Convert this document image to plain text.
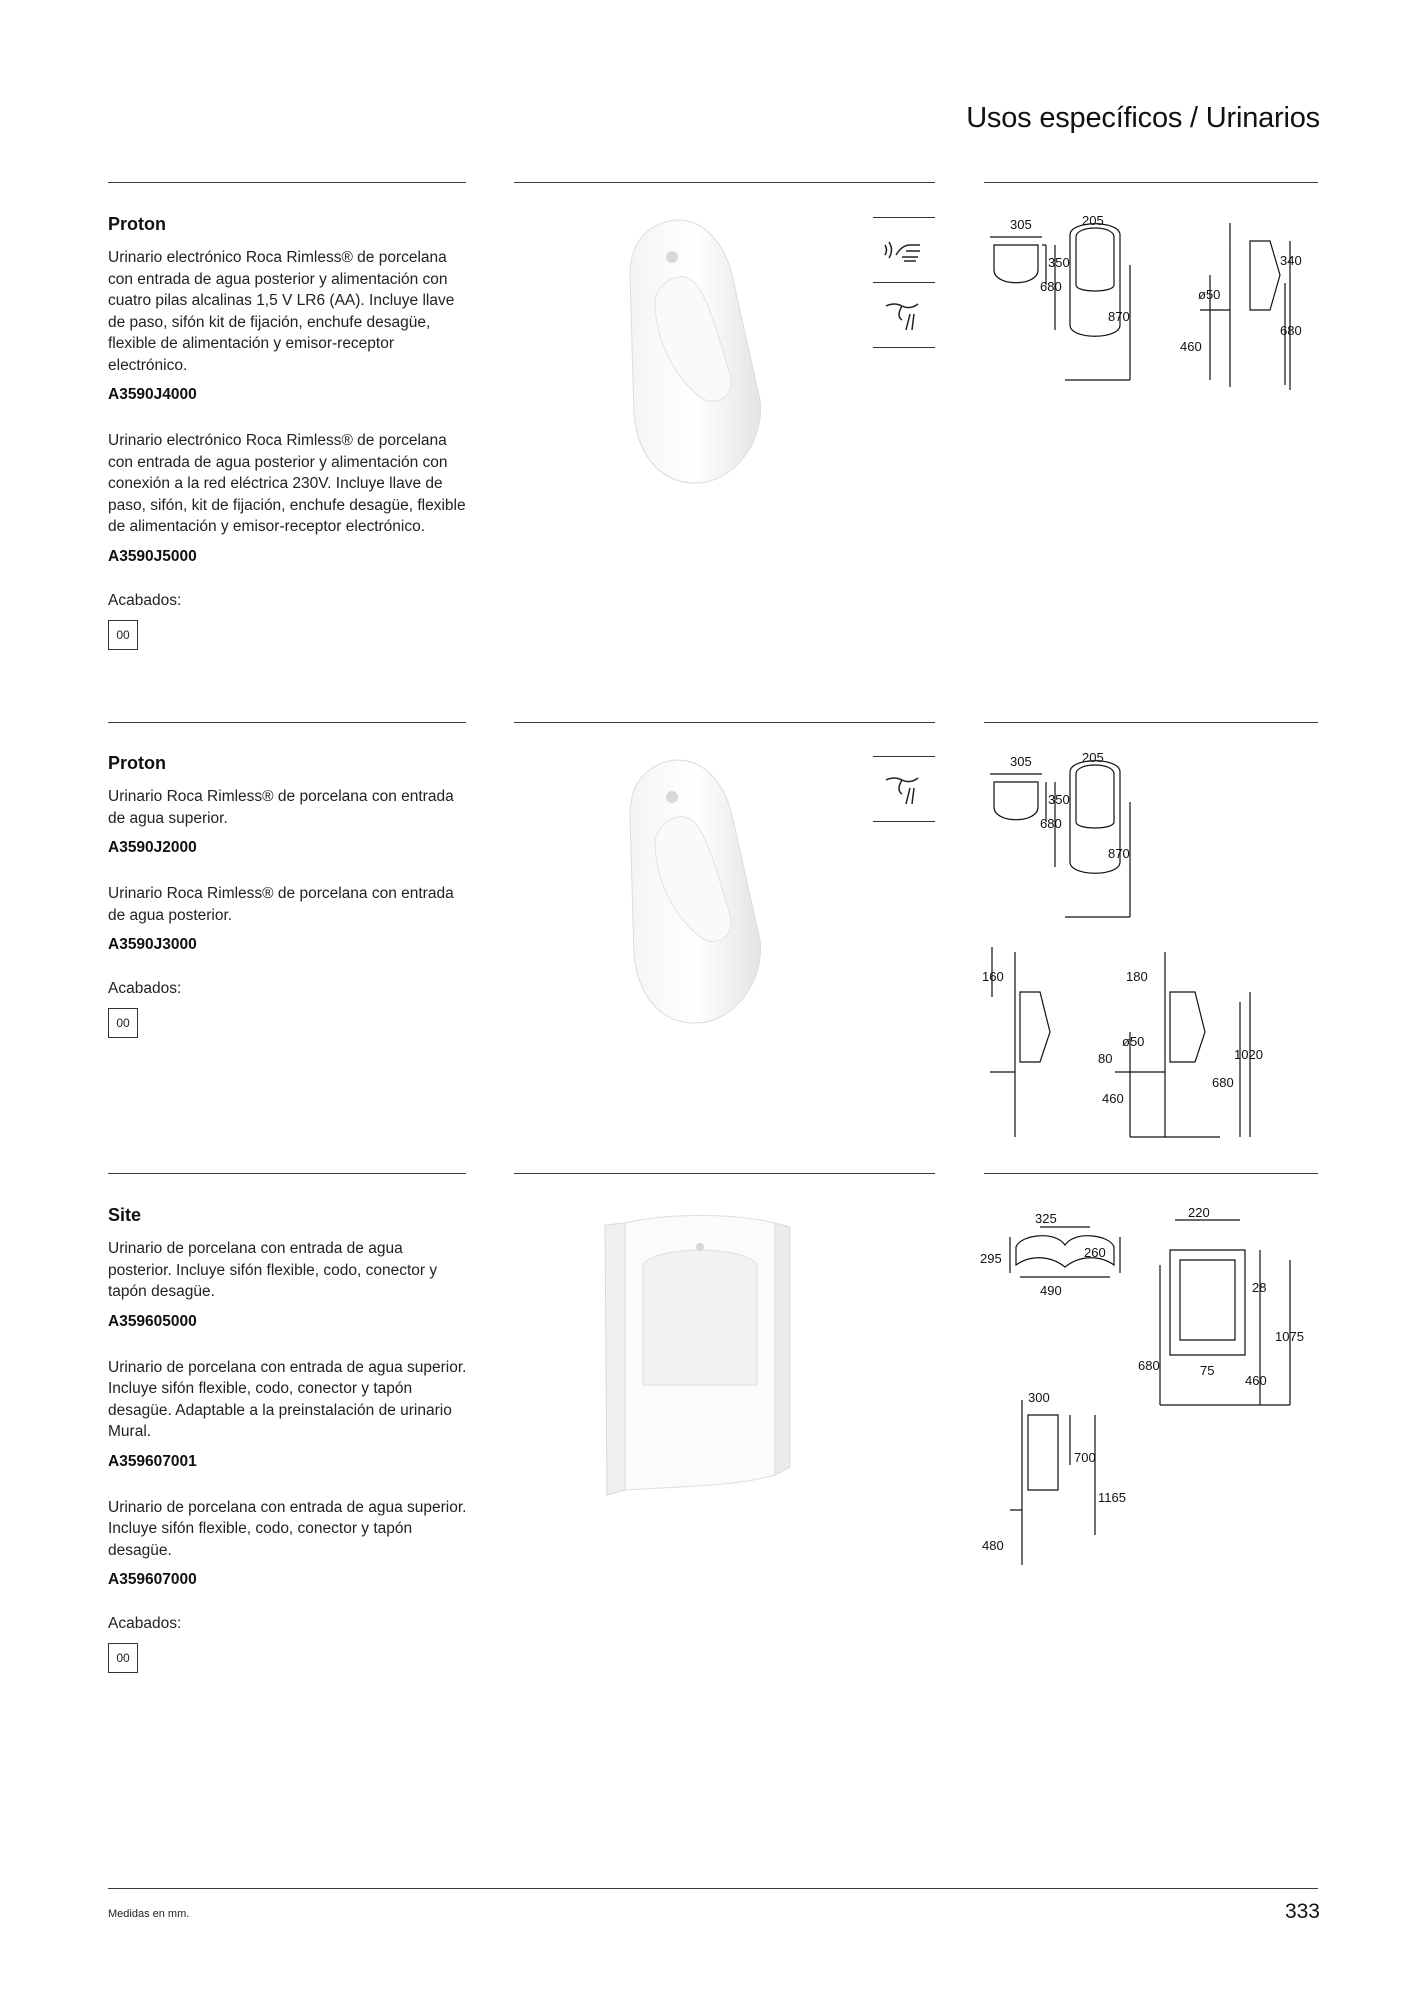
Usos específicos / Urinarios
Proton

Urinario electrónico Roca Rimless® de porcelana con entrada de agua posterior y alimentación con cuatro pilas alcalinas 1,5 V LR6 (AA). Incluye llave de paso, sifón kit de fijación, enchufe desagüe, flexible de alimentación y emisor-receptor electrónico.

A3590J4000

Urinario electrónico Roca Rimless® de porcelana con entrada de agua posterior y alimentación con conexión a la red eléctrica 230V. Incluye llave de paso, sifón, kit de fijación, enchufe desagüe, flexible de alimentación y emisor-receptor electrónico.

A3590J5000
Acabados:
00
305
350
205
680
870
340
ø50
460
680
Proton

Urinario Roca Rimless® de porcelana con entrada de agua superior.

A3590J2000

Urinario Roca Rimless® de porcelana con entrada de agua posterior.

A3590J3000
Acabados:
00
305
350
205
680
870
160	180
ø50
80
460
680
1020
Site

Urinario de porcelana con entrada de agua posterior. Incluye sifón flexible, codo, conector y tapón desagüe.

A359605000

Urinario de porcelana con entrada de agua superior. Incluye sifón flexible, codo, conector y tapón desagüe. Adaptable a la preinstalación de urinario Mural.

A359607001

Urinario de porcelana con entrada de agua superior. Incluye sifón flexible, codo, conector y tapón desagüe.

A359607000
Acabados:
00
325
295	260
490
220
28
1075
680	75
460
300
700
1165
480
Medidas en mm.	333
